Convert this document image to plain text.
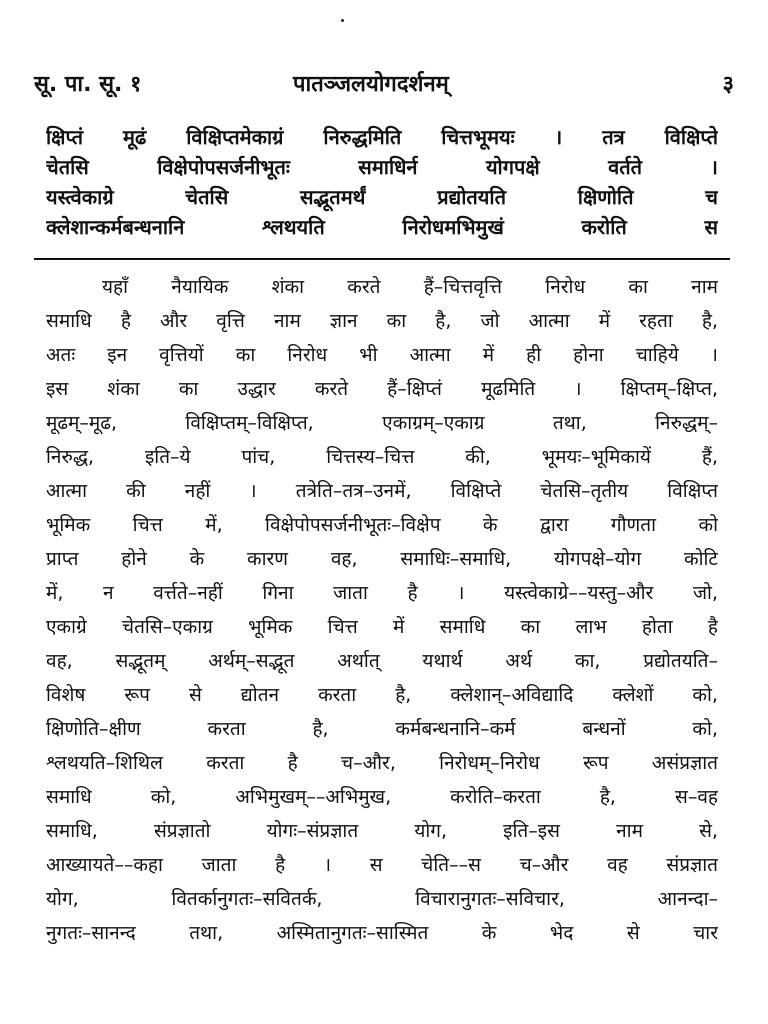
सू. पा. सू. १	पातञ्जलयोगदर्शनम्	३
क्षिप्तं मूढं विक्षिप्तमेकाग्रं निरुद्धमिति चित्तभूमयः । तत्र विक्षिप्ते
चेतसि विक्षेपोपसर्जनीभूतः समाधिर्न योगपक्षे वर्तते ।
यस्त्वेकाग्रे चेतसि सद्भूतमर्थं प्रद्योतयति क्षिणोति च
क्लेशान्कर्मबन्धनानि श्लथयति निरोधमभिमुखं करोति स
यहाँ नैयायिक शंका करते हैं–चित्तवृत्ति निरोध का नाम
समाधि है और वृत्ति नाम ज्ञान का है, जो आत्मा में रहता है,
अतः इन वृत्तियों का निरोध भी आत्मा में ही होना चाहिये ।
इस शंका का उद्धार करते हैं–क्षिप्तं मूढमिति । क्षिप्तम्–क्षिप्त,
मूढम्–मूढ, विक्षिप्तम्–विक्षिप्त, एकाग्रम्–एकाग्र तथा, निरुद्धम्–
निरुद्ध, इति–ये पांच, चित्तस्य–चित्त की, भूमयः–भूमिकायें हैं,
आत्मा की नहीं । तत्रेति–तत्र–उनमें, विक्षिप्ते चेतसि–तृतीय विक्षिप्त
भूमिक चित्त में, विक्षेपोपसर्जनीभूतः–विक्षेप के द्वारा गौणता को
प्राप्त होने के कारण वह, समाधिः–समाधि, योगपक्षे–योग कोटि
में, न वर्त्तते–नहीं गिना जाता है । यस्त्वेकाग्रे––यस्तु–और जो,
एकाग्रे चेतसि–एकाग्र भूमिक चित्त में समाधि का लाभ होता है
वह, सद्भूतम् अर्थम्–सद्भूत अर्थात् यथार्थ अर्थ का, प्रद्योतयति–
विशेष रूप से द्योतन करता है, क्लेशान्–अविद्यादि क्लेशों को,
क्षिणोति–क्षीण करता है, कर्मबन्धनानि–कर्म बन्धनों को,
श्लथयति–शिथिल करता है च–और, निरोधम्–निरोध रूप असंप्रज्ञात
समाधि को, अभिमुखम्––अभिमुख, करोति–करता है, स–वह
समाधि, संप्रज्ञातो योगः–संप्रज्ञात योग, इति–इस नाम से,
आख्यायते––कहा जाता है । स चेति––स च–और वह संप्रज्ञात
योग, वितर्कानुगतः–सवितर्क, विचारानुगतः–सविचार, आनन्दा–
नुगतः–सानन्द तथा, अस्मितानुगतः–सास्मित के भेद से चार
